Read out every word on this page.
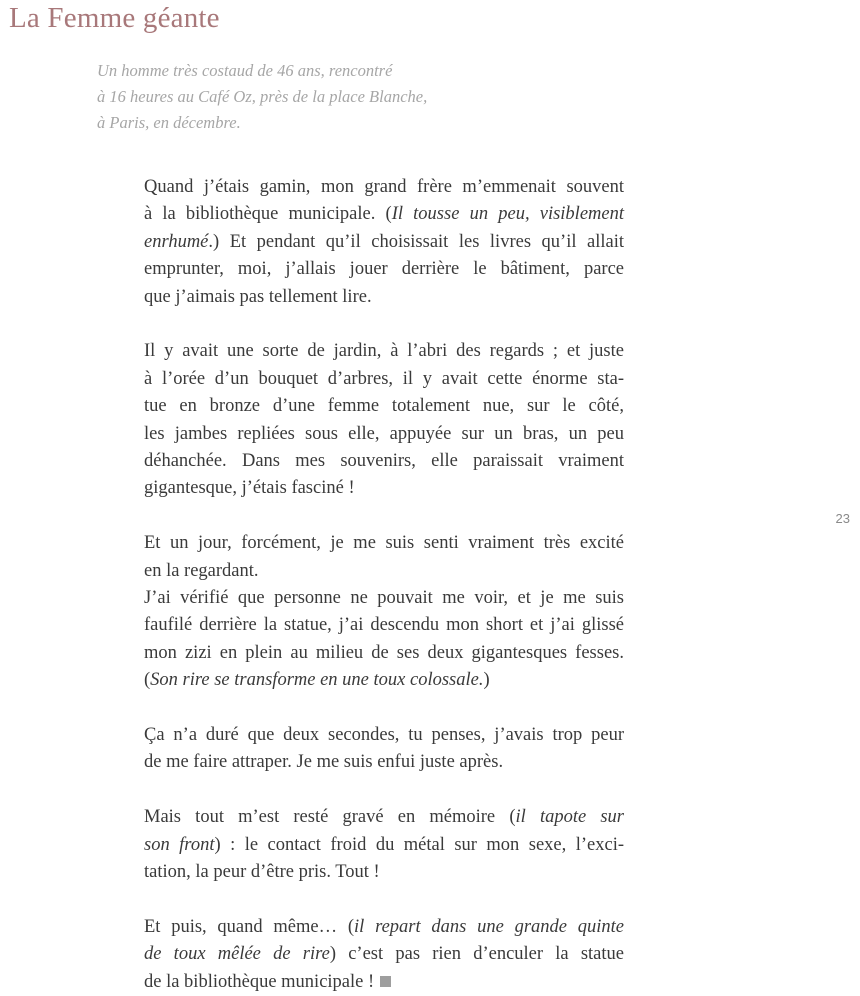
La Femme géante
Un homme très costaud de 46 ans, rencontré
à 16 heures au Café Oz, près de la place Blanche,
à Paris, en décembre.
Quand j’étais gamin, mon grand frère m’emmenait souvent
à la bibliothèque municipale. (Il tousse un peu, visiblement
enrhumé.) Et pendant qu’il choisissait les livres qu’il allait
emprunter, moi, j’allais jouer derrière le bâtiment, parce
que j’aimais pas tellement lire.
Il y avait une sorte de jardin, à l’abri des regards ; et juste
à l’orée d’un bouquet d’arbres, il y avait cette énorme sta-
tue en bronze d’une femme totalement nue, sur le côté,
les jambes repliées sous elle, appuyée sur un bras, un peu
déhanchée. Dans mes souvenirs, elle paraissait vraiment
gigantesque, j’étais fasciné !
Et un jour, forcément, je me suis senti vraiment très excité
en la regardant.
J’ai vérifié que personne ne pouvait me voir, et je me suis
faufilé derrière la statue, j’ai descendu mon short et j’ai glissé
mon zizi en plein au milieu de ses deux gigantesques fesses.
(Son rire se transforme en une toux colossale.)
Ça n’a duré que deux secondes, tu penses, j’avais trop peur
de me faire attraper. Je me suis enfui juste après.
Mais tout m’est resté gravé en mémoire (il tapote sur
son front) : le contact froid du métal sur mon sexe, l’exci-
tation, la peur d’être pris. Tout !
Et puis, quand même… (il repart dans une grande quinte
de toux mêlée de rire) c’est pas rien d’enculer la statue
de la bibliothèque municipale !
23
